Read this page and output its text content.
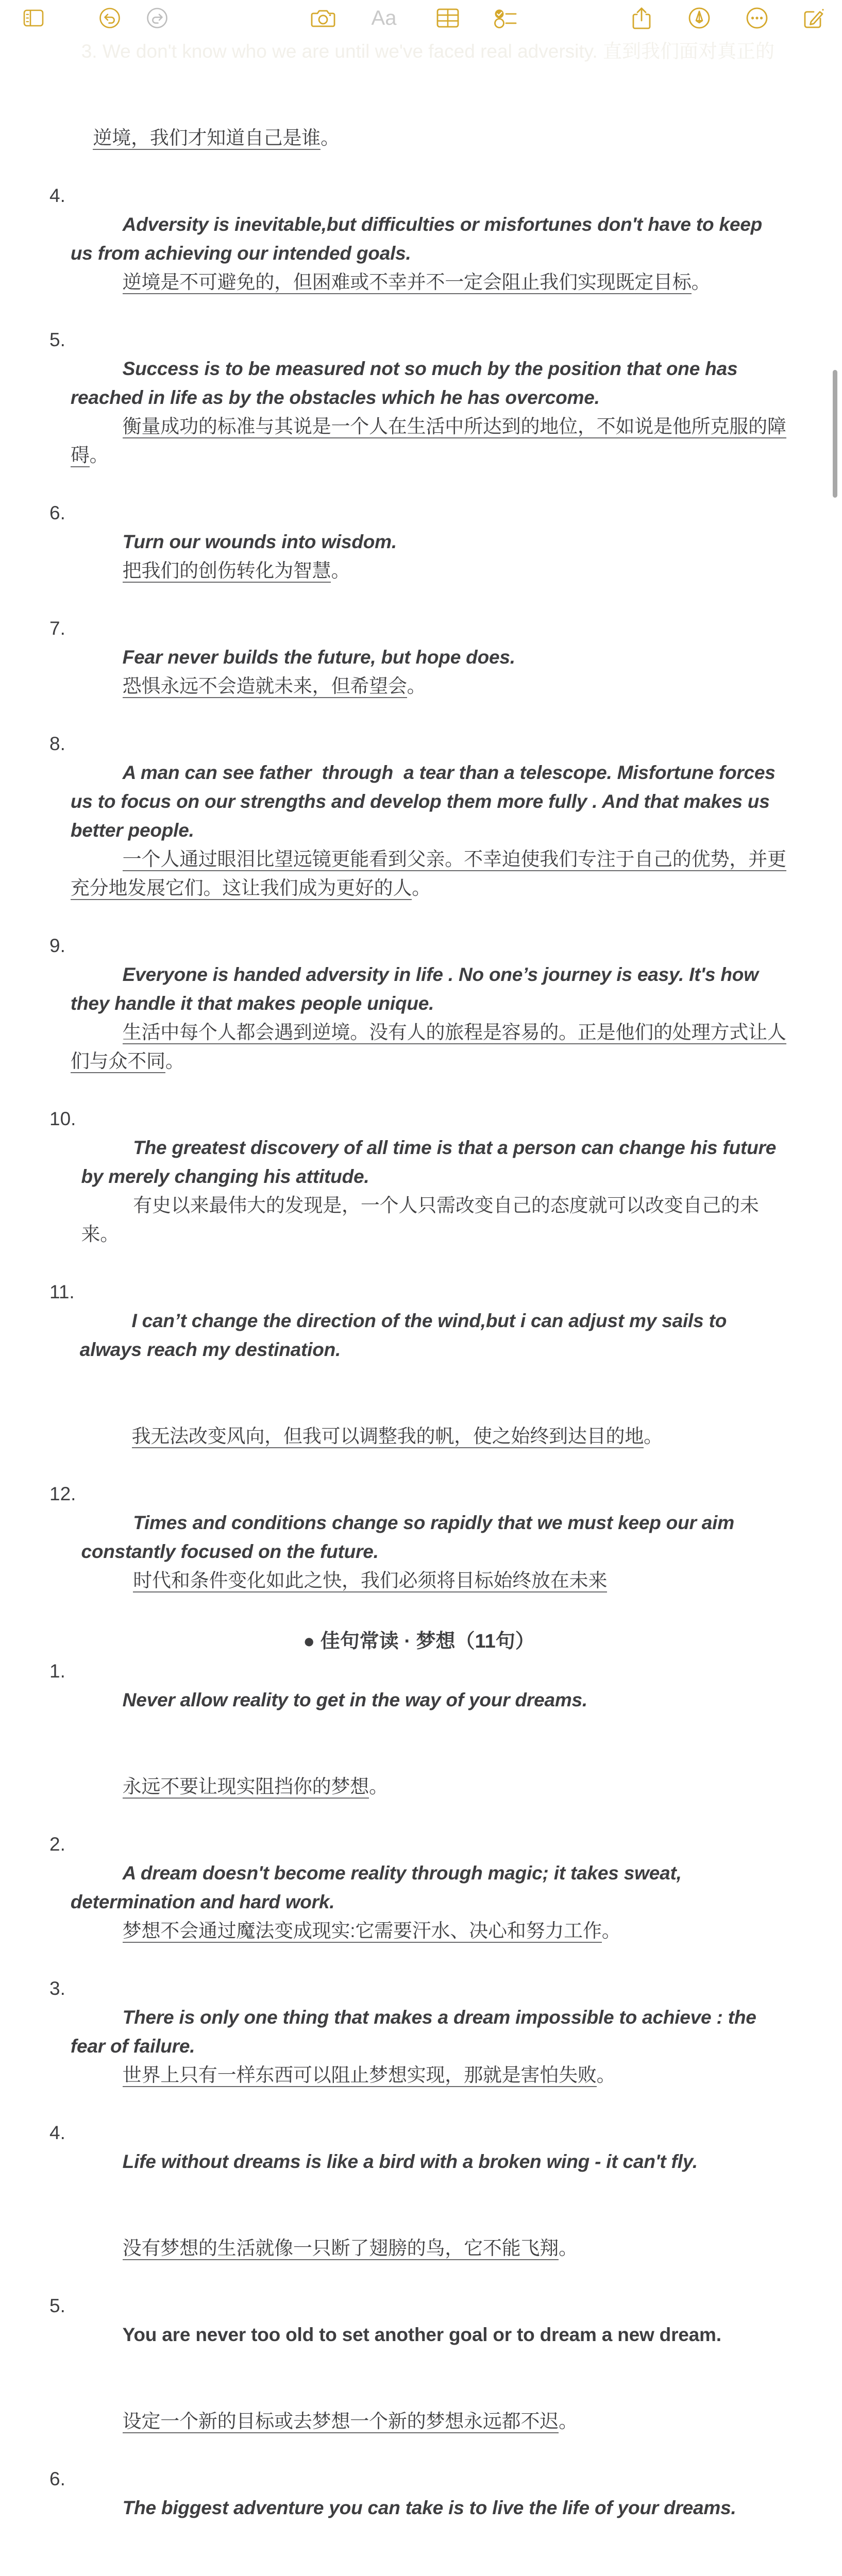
3. We don't know who we are until we've faced real adversity. 直到我们面对真正的

逆境，我们才知道自己是谁。

4.

Adversity is inevitable,but difficulties or misfortunes don't have to keep us from achieving our intended goals.
逆境是不可避免的，但困难或不幸并不一定会阻止我们实现既定目标。

5.

Success is to be measured not so much by the position that one has reached in life as by the obstacles which he has overcome.
衡量成功的标准与其说是一个人在生活中所达到的地位，不如说是他所克服的障碍。

6.

Turn our wounds into wisdom.
把我们的创伤转化为智慧。

7.

Fear never builds the future, but hope does.
恐惧永远不会造就未来，但希望会。

8.

A man can see father  through  a tear than a telescope. Misfortune forces us to focus on our strengths and develop them more fully . And that makes us better people.
一个人通过眼泪比望远镜更能看到父亲。不幸迫使我们专注于自己的优势，并更充分地发展它们。这让我们成为更好的人。

9.

Everyone is handed adversity in life . No one’s journey is easy. It's how they handle it that makes people unique.
生活中每个人都会遇到逆境。没有人的旅程是容易的。正是他们的处理方式让人们与众不同。

10.

The greatest discovery of all time is that a person can change his future by merely changing his attitude.
有史以来最伟大的发现是，一个人只需改变自己的态度就可以改变自己的未来。

11.

I can’t change the direction of the wind,but i can adjust my sails to always reach my destination.

我无法改变风向，但我可以调整我的帆，使之始终到达目的地。

12.

Times and conditions change so rapidly that we must keep our aim constantly focused on the future.
时代和条件变化如此之快，我们必须将目标始终放在未来

● 佳句常读 · 梦想（11句）
1.

Never allow reality to get in the way of your dreams.

永远不要让现实阻挡你的梦想。

2.

A dream doesn't become reality through magic; it takes sweat, determination and hard work.
梦想不会通过魔法变成现实:它需要汗水、决心和努力工作。

3.

There is only one thing that makes a dream impossible to achieve : the fear of failure.
世界上只有一样东西可以阻止梦想实现，那就是害怕失败。

4.

Life without dreams is like a bird with a broken wing - it can't fly.

没有梦想的生活就像一只断了翅膀的鸟，它不能飞翔。

5.

You are never too old to set another goal or to dream a new dream.

设定一个新的目标或去梦想一个新的梦想永远都不迟。

6.

The biggest adventure you can take is to live the life of your dreams.

Aa
